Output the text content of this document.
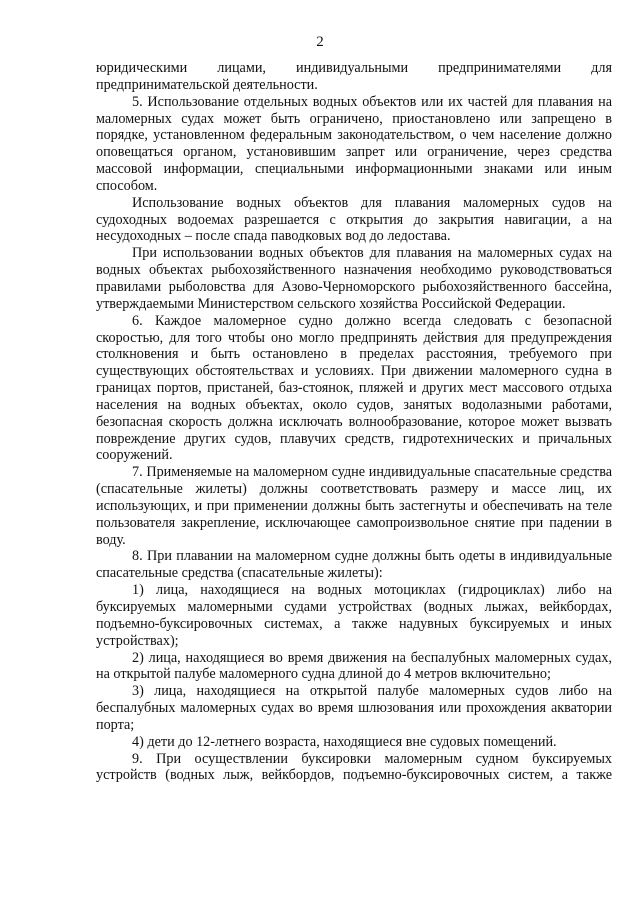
2

юридическими лицами, индивидуальными предпринимателями для предпринимательской деятельности.

5. Использование отдельных водных объектов или их частей для плавания на маломерных судах может быть ограничено, приостановлено или запрещено в порядке, установленном федеральным законодательством, о чем население должно оповещаться органом, установившим запрет или ограничение, через средства массовой информации, специальными информационными знаками или иным способом.

Использование водных объектов для плавания маломерных судов на судоходных водоемах разрешается с открытия до закрытия навигации, а на несудоходных – после спада паводковых вод до ледостава.

При использовании водных объектов для плавания на маломерных судах на водных объектах рыбохозяйственного назначения необходимо руководствоваться правилами рыболовства для Азово-Черноморского рыбохозяйственного бассейна, утверждаемыми Министерством сельского хозяйства Российской Федерации.

6. Каждое маломерное судно должно всегда следовать с безопасной скоростью, для того чтобы оно могло предпринять действия для предупреждения столкновения и быть остановлено в пределах расстояния, требуемого при существующих обстоятельствах и условиях. При движении маломерного судна в границах портов, пристаней, баз-стоянок, пляжей и других мест массового отдыха населения на водных объектах, около судов, занятых водолазными работами, безопасная скорость должна исключать волнообразование, которое может вызвать повреждение других судов, плавучих средств, гидротехнических и причальных сооружений.

7. Применяемые на маломерном судне индивидуальные спасательные средства (спасательные жилеты) должны соответствовать размеру и массе лиц, их использующих, и при применении должны быть застегнуты и обеспечивать на теле пользователя закрепление, исключающее самопроизвольное снятие при падении в воду.

8. При плавании на маломерном судне должны быть одеты в индивидуальные спасательные средства (спасательные жилеты):

1) лица, находящиеся на водных мотоциклах (гидроциклах) либо на буксируемых маломерными судами устройствах (водных лыжах, вейкбордах, подъемно-буксировочных системах, а также надувных буксируемых и иных устройствах);

2) лица, находящиеся во время движения на беспалубных маломерных судах, на открытой палубе маломерного судна длиной до 4 метров включительно;

3) лица, находящиеся на открытой палубе маломерных судов либо на беспалубных маломерных судах во время шлюзования или прохождения акватории порта;

4) дети до 12-летнего возраста, находящиеся вне судовых помещений.

9. При осуществлении буксировки маломерным судном буксируемых устройств (водных лыж, вейкбордов, подъемно-буксировочных систем, а также
